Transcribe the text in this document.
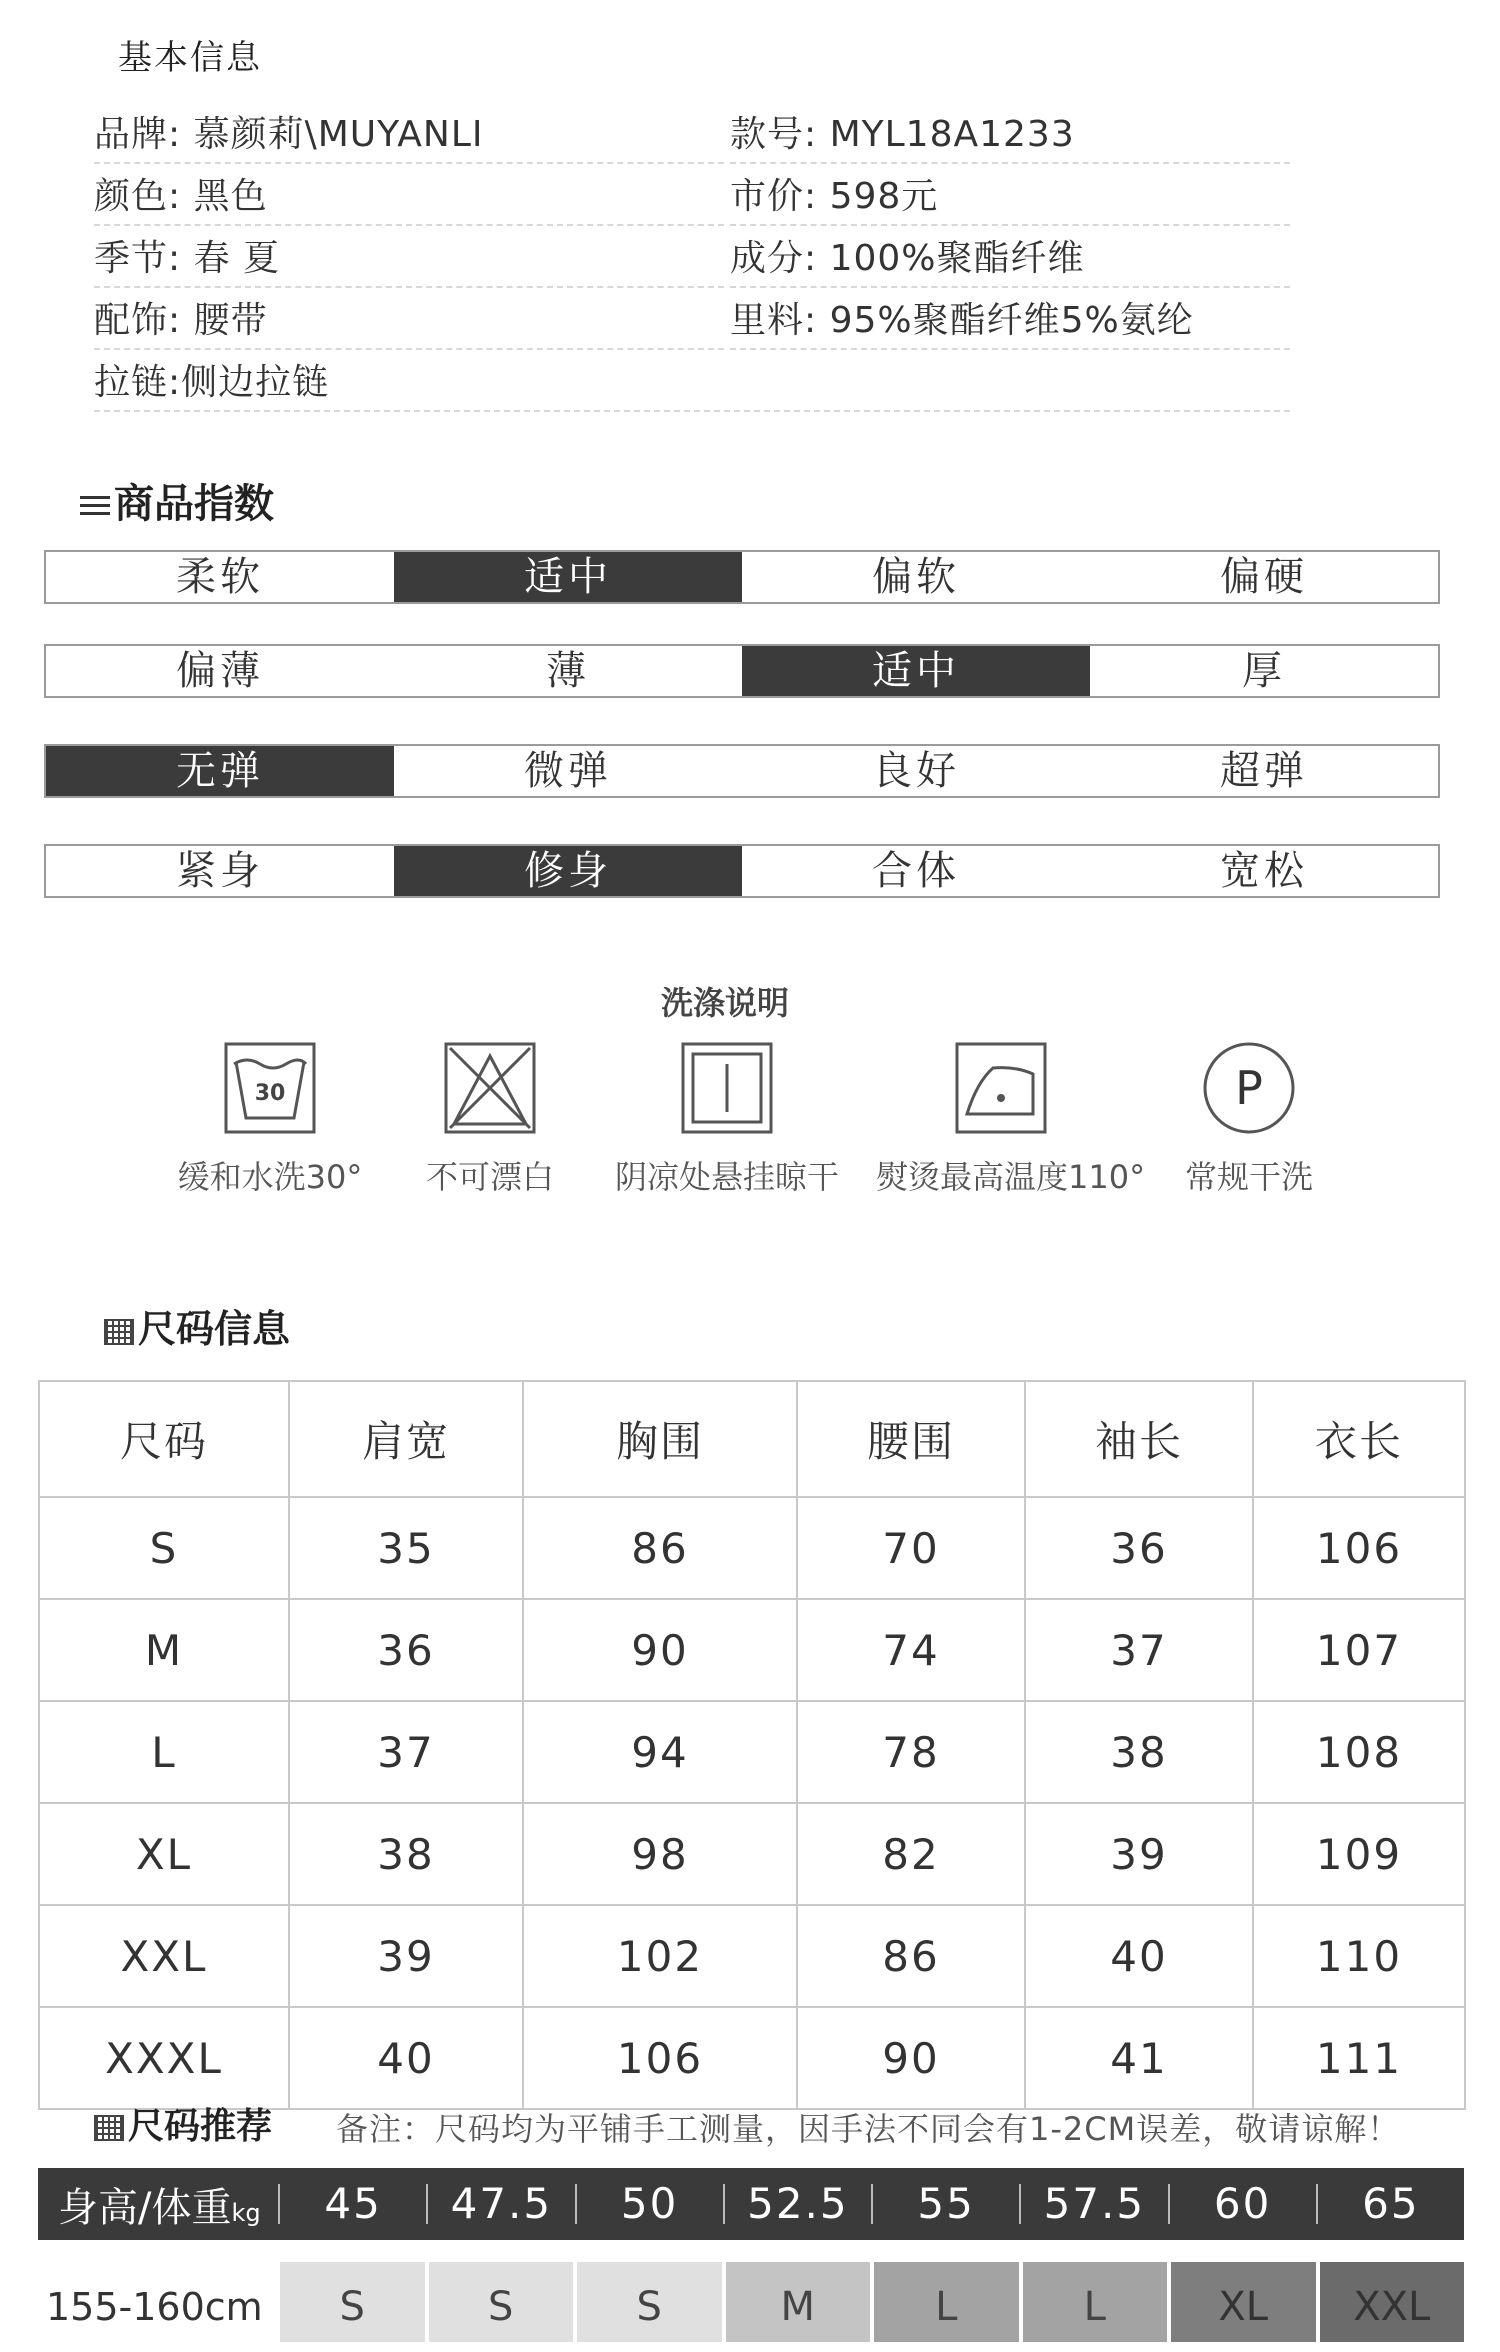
基本信息
品牌: 慕颜莉\MUYANLI	款号: MYL18A1233
颜色: 黑色	市价: 598元
季节: 春 夏	成分: 100%聚酯纤维
配饰: 腰带	里料: 95%聚酯纤维5%氨纶
拉链:侧边拉链
商品指数
柔软	适中	偏软	偏硬
偏薄	薄	适中	厚
无弹	微弹	良好	超弹
紧身	修身	合体	宽松
洗涤说明
30
缓和水洗30°	不可漂白	阴凉处悬挂晾干	熨烫最高温度110°
P
常规干洗
尺码信息
尺码	肩宽	胸围	腰围	袖长	衣长
S	35	86	70	36	106
M	36	90	74	37	107
L	37	94	78	38	108
XL	38	98	82	39	109
XXL	39	102	86	40	110
XXXL	40	106	90	41	111
尺码推荐 备注：尺码均为平铺手工测量，因手法不同会有1-2CM误差，敬请谅解！
身高/体重kg	45	47.5	50	52.5	55	57.5	60	65
155-160cm	S	S	S	M	L	L	XL	XXL
